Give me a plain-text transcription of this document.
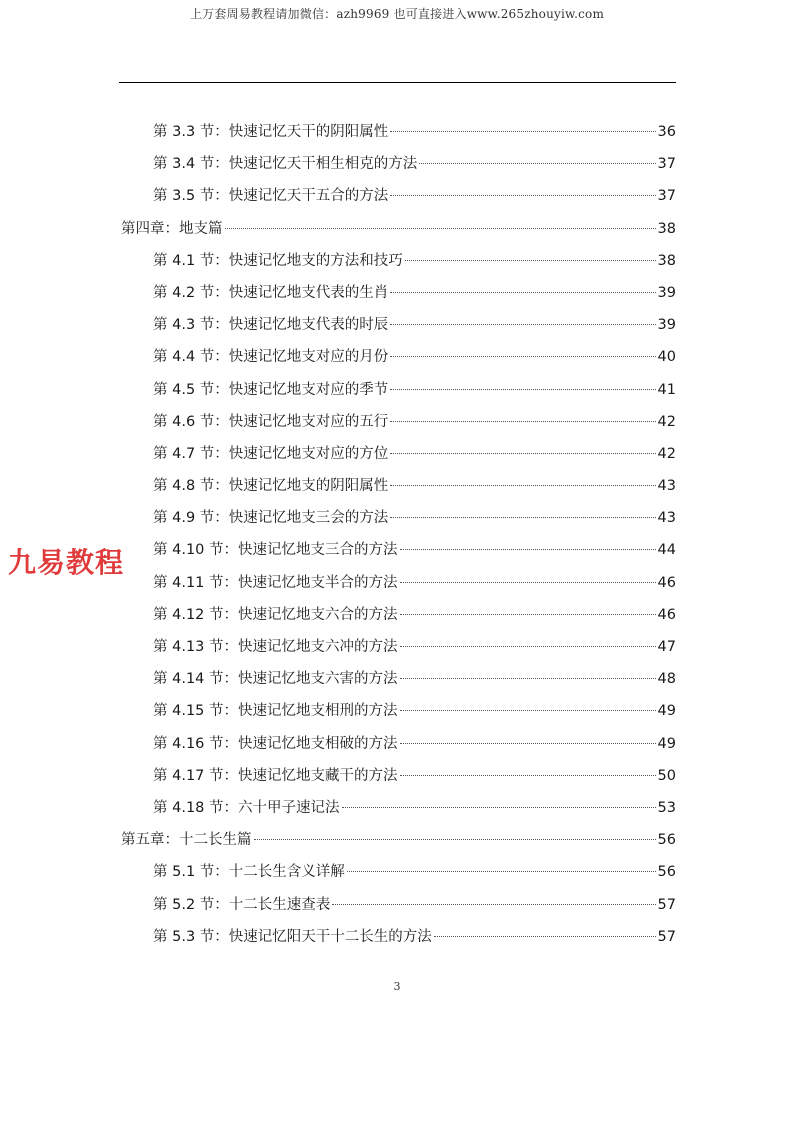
上万套周易教程请加微信：azh9969 也可直接进入www.265zhouyiw.com
第 3.3 节：快速记忆天干的阴阳属性	36
第 3.4 节：快速记忆天干相生相克的方法	37
第 3.5 节：快速记忆天干五合的方法	37
第四章：地支篇	38
第 4.1 节：快速记忆地支的方法和技巧	38
第 4.2 节：快速记忆地支代表的生肖	39
第 4.3 节：快速记忆地支代表的时辰	39
第 4.4 节：快速记忆地支对应的月份	40
第 4.5 节：快速记忆地支对应的季节	41
第 4.6 节：快速记忆地支对应的五行	42
第 4.7 节：快速记忆地支对应的方位	42
第 4.8 节：快速记忆地支的阴阳属性	43
第 4.9 节：快速记忆地支三会的方法	43
第 4.10 节：快速记忆地支三合的方法	44
第 4.11 节：快速记忆地支半合的方法	46
第 4.12 节：快速记忆地支六合的方法	46
第 4.13 节：快速记忆地支六冲的方法	47
第 4.14 节：快速记忆地支六害的方法	48
第 4.15 节：快速记忆地支相刑的方法	49
第 4.16 节：快速记忆地支相破的方法	49
第 4.17 节：快速记忆地支藏干的方法	50
第 4.18 节：六十甲子速记法	53
第五章：十二长生篇	56
第 5.1 节：十二长生含义详解	56
第 5.2 节：十二长生速查表	57
第 5.3 节：快速记忆阳天干十二长生的方法	57
九易教程
3
